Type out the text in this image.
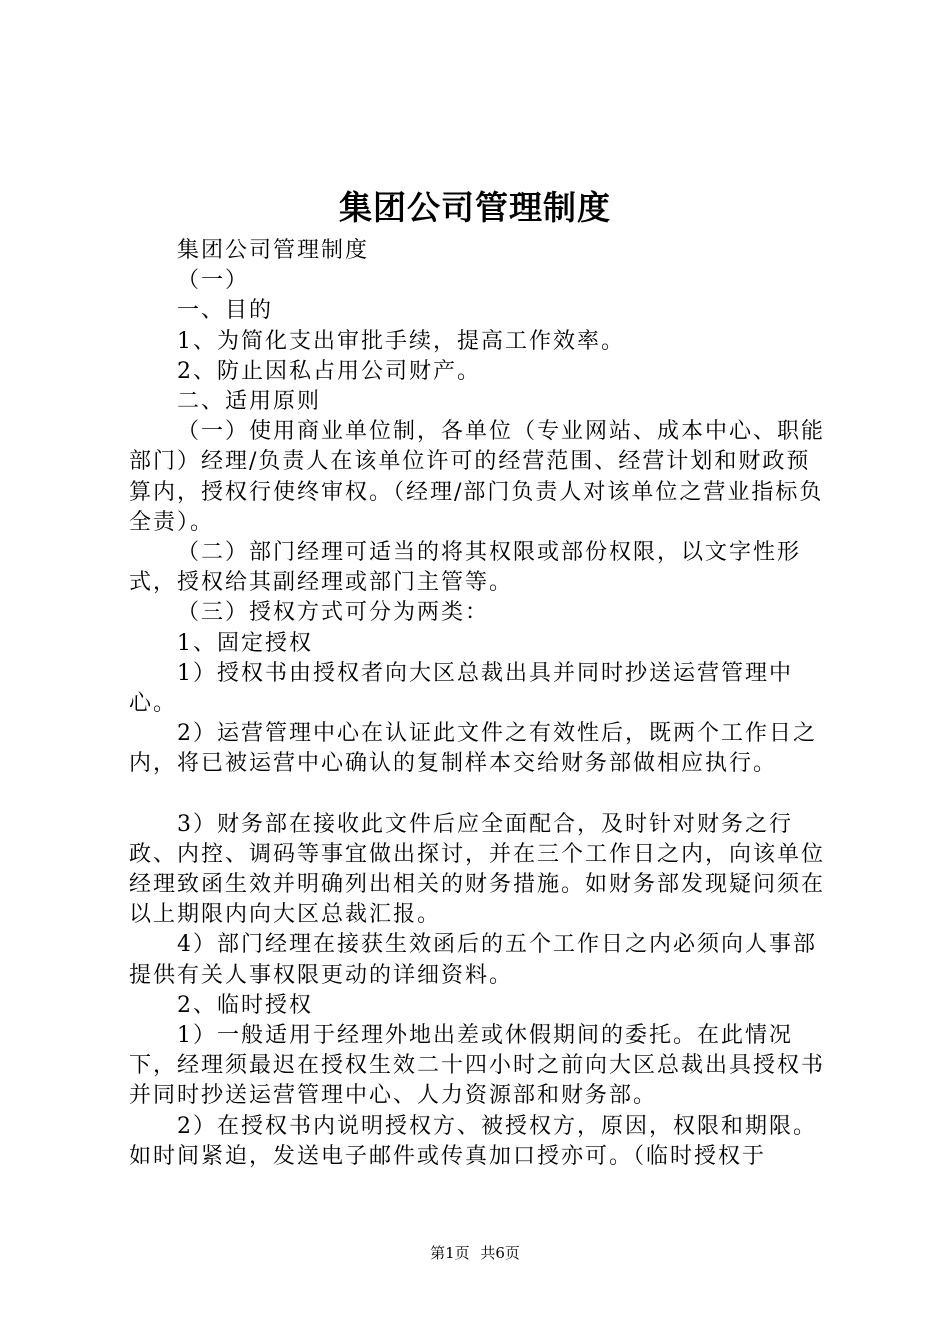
集团公司管理制度

集团公司管理制度

（一）

一、目的

1、为简化支出审批手续，提高工作效率。

2、防止因私占用公司财产。

二、适用原则

（一）使用商业单位制，各单位（专业网站、成本中心、职能部门）经理/负责人在该单位许可的经营范围、经营计划和财政预算内，授权行使终审权。（经理/部门负责人对该单位之营业指标负全责）。

（二）部门经理可适当的将其权限或部份权限，以文字性形式，授权给其副经理或部门主管等。

（三）授权方式可分为两类：

1、固定授权

1）授权书由授权者向大区总裁出具并同时抄送运营管理中心。

2）运营管理中心在认证此文件之有效性后，既两个工作日之内，将已被运营中心确认的复制样本交给财务部做相应执行。

3）财务部在接收此文件后应全面配合，及时针对财务之行政、内控、调码等事宜做出探讨，并在三个工作日之内，向该单位经理致函生效并明确列出相关的财务措施。如财务部发现疑问须在以上期限内向大区总裁汇报。

4）部门经理在接获生效函后的五个工作日之内必须向人事部提供有关人事权限更动的详细资料。

2、临时授权

1）一般适用于经理外地出差或休假期间的委托。在此情况下，经理须最迟在授权生效二十四小时之前向大区总裁出具授权书并同时抄送运营管理中心、人力资源部和财务部。

2）在授权书内说明授权方、被授权方，原因，权限和期限。如时间紧迫，发送电子邮件或传真加口授亦可。（临时授权于

第1页 共6页
